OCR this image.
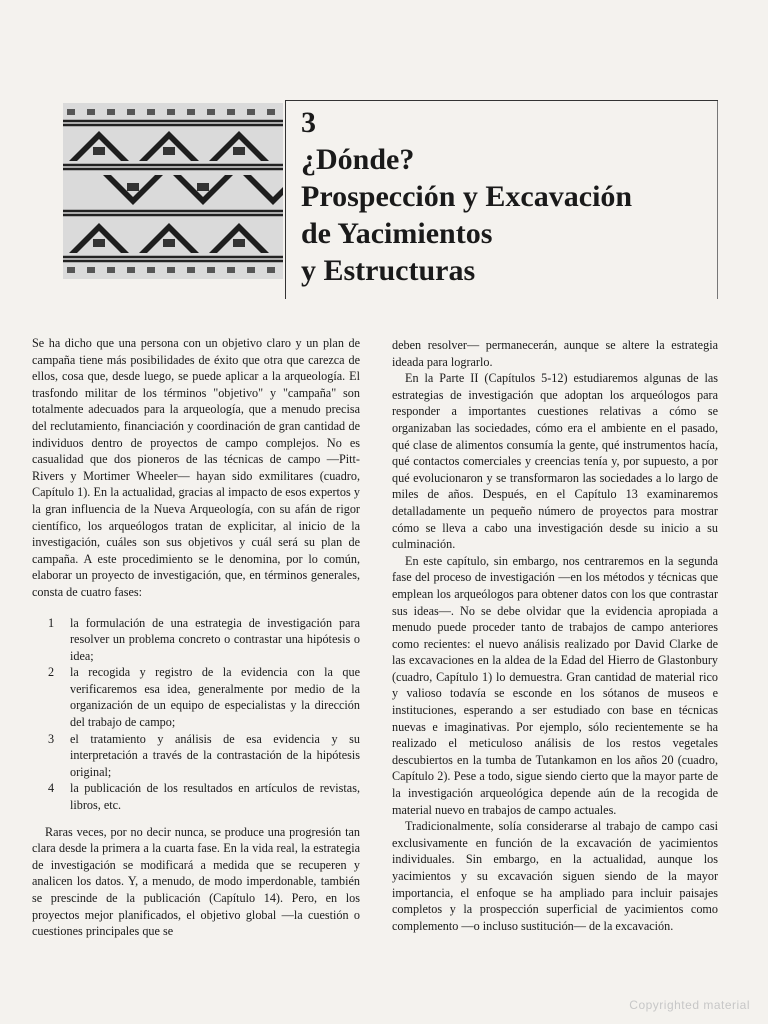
3
¿Dónde?
Prospección y Excavación
de Yacimientos
y Estructuras

Se ha dicho que una persona con un objetivo claro y un plan de campaña tiene más posibilidades de éxito que otra que carezca de ellos, cosa que, desde luego, se puede aplicar a la arqueología. El trasfondo militar de los términos "objetivo" y "campaña" son totalmente adecuados para la arqueología, que a menudo precisa del reclutamiento, financiación y coordinación de gran cantidad de individuos dentro de proyectos de campo complejos. No es casualidad que dos pioneros de las técnicas de campo —Pitt-Rivers y Mortimer Wheeler— hayan sido exmilitares (cuadro, Capítulo 1). En la actualidad, gracias al impacto de esos expertos y la gran influencia de la Nueva Arqueología, con su afán de rigor científico, los arqueólogos tratan de explicitar, al inicio de la investigación, cuáles son sus objetivos y cuál será su plan de campaña. A este procedimiento se le denomina, por lo común, elaborar un proyecto de investigación, que, en términos generales, consta de cuatro fases:

1 la formulación de una estrategia de investigación para resolver un problema concreto o contrastar una hipótesis o idea;
2 la recogida y registro de la evidencia con la que verificaremos esa idea, generalmente por medio de la organización de un equipo de especialistas y la dirección del trabajo de campo;
3 el tratamiento y análisis de esa evidencia y su interpretación a través de la contrastación de la hipótesis original;
4 la publicación de los resultados en artículos de revistas, libros, etc.

Raras veces, por no decir nunca, se produce una progresión tan clara desde la primera a la cuarta fase. En la vida real, la estrategia de investigación se modificará a medida que se recuperen y analicen los datos. Y, a menudo, de modo imperdonable, también se prescinde de la publicación (Capítulo 14). Pero, en los proyectos mejor planificados, el objetivo global —la cuestión o cuestiones principales que se

deben resolver— permanecerán, aunque se altere la estrategia ideada para lograrlo.

En la Parte II (Capítulos 5-12) estudiaremos algunas de las estrategias de investigación que adoptan los arqueólogos para responder a importantes cuestiones relativas a cómo se organizaban las sociedades, cómo era el ambiente en el pasado, qué clase de alimentos consumía la gente, qué instrumentos hacía, qué contactos comerciales y creencias tenía y, por supuesto, a por qué evolucionaron y se transformaron las sociedades a lo largo de miles de años. Después, en el Capítulo 13 examinaremos detalladamente un pequeño número de proyectos para mostrar cómo se lleva a cabo una investigación desde su inicio a su culminación.

En este capítulo, sin embargo, nos centraremos en la segunda fase del proceso de investigación —en los métodos y técnicas que emplean los arqueólogos para obtener datos con los que contrastar sus ideas—. No se debe olvidar que la evidencia apropiada a menudo puede proceder tanto de trabajos de campo anteriores como recientes: el nuevo análisis realizado por David Clarke de las excavaciones en la aldea de la Edad del Hierro de Glastonbury (cuadro, Capítulo 1) lo demuestra. Gran cantidad de material rico y valioso todavía se esconde en los sótanos de museos e instituciones, esperando a ser estudiado con base en técnicas nuevas e imaginativas. Por ejemplo, sólo recientemente se ha realizado el meticuloso análisis de los restos vegetales descubiertos en la tumba de Tutankamon en los años 20 (cuadro, Capítulo 2). Pese a todo, sigue siendo cierto que la mayor parte de la investigación arqueológica depende aún de la recogida de material nuevo en trabajos de campo actuales.

Tradicionalmente, solía considerarse al trabajo de campo casi exclusivamente en función de la excavación de yacimientos individuales. Sin embargo, en la actualidad, aunque los yacimientos y su excavación siguen siendo de la mayor importancia, el enfoque se ha ampliado para incluir paisajes completos y la prospección superficial de yacimientos como complemento —o incluso sustitución— de la excavación.

Copyrighted material
